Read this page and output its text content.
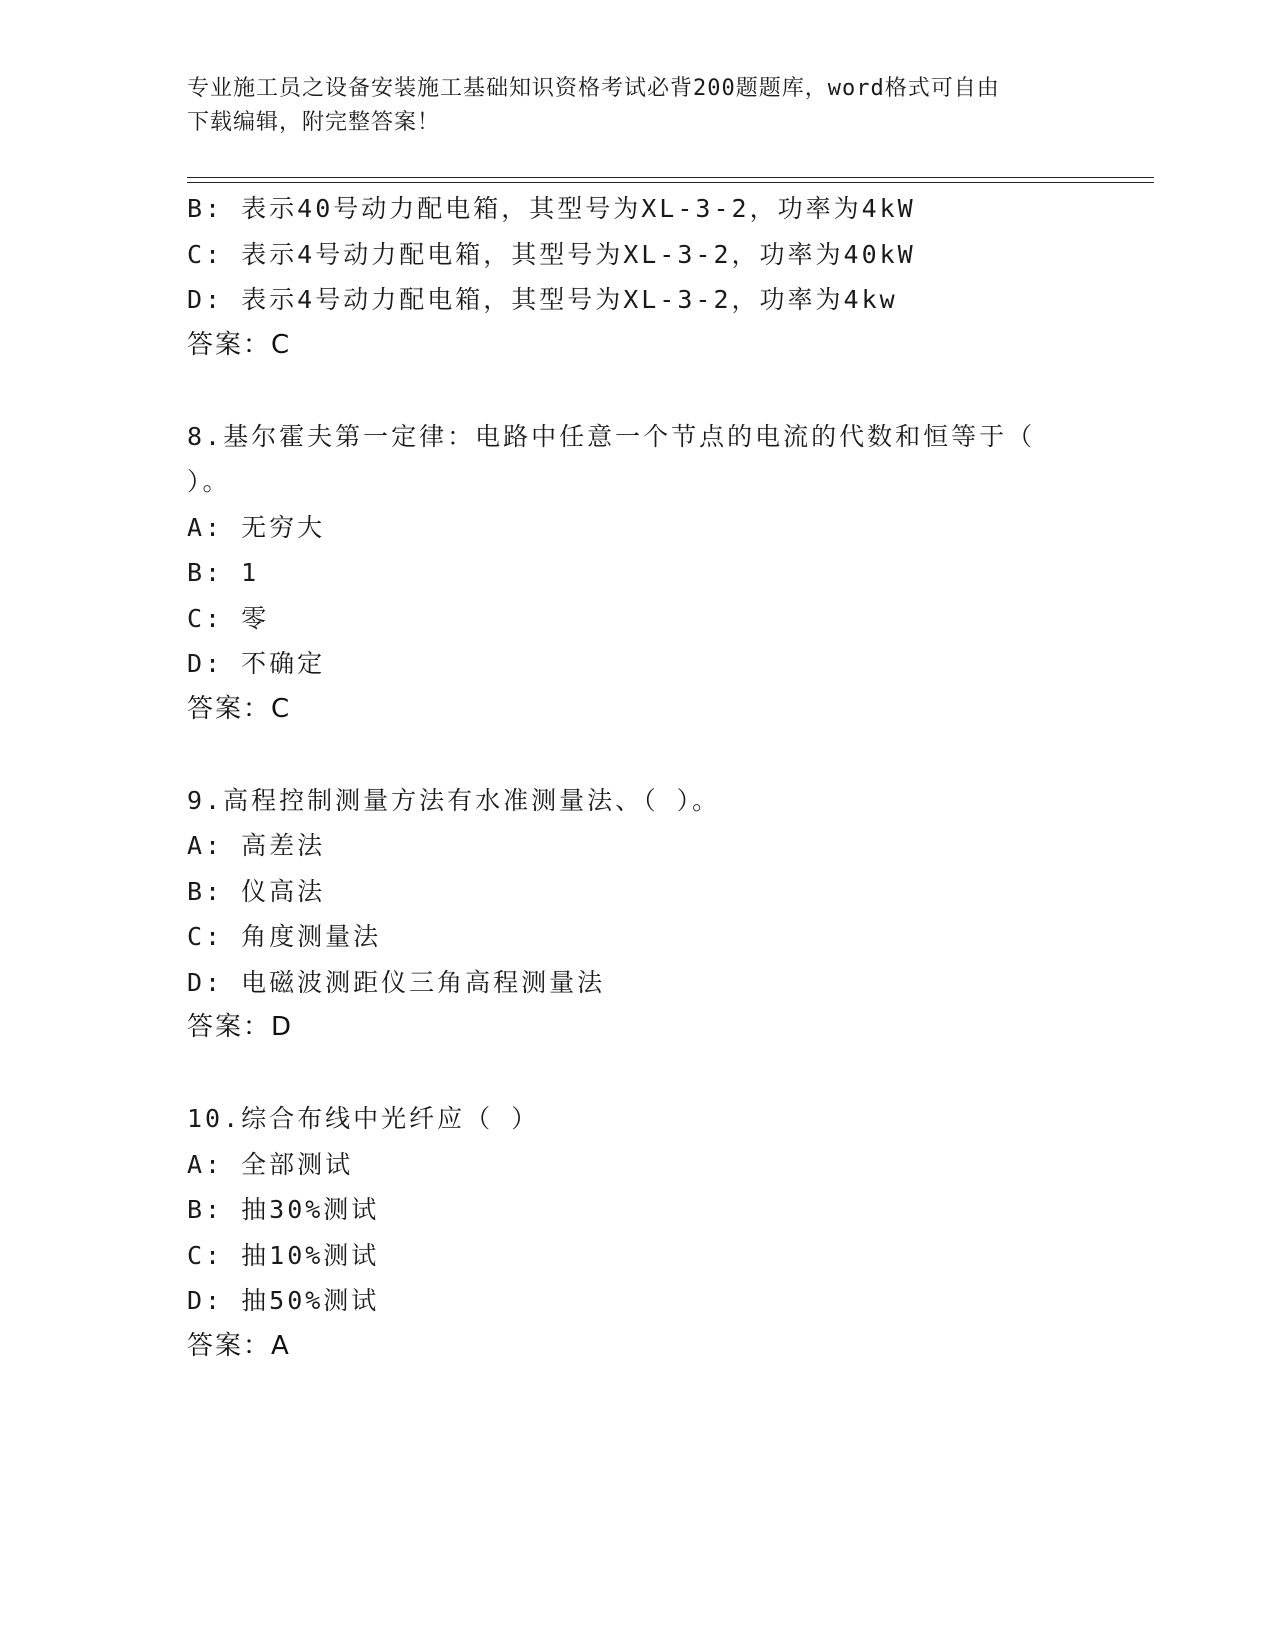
专业施工员之设备安装施工基础知识资格考试必背200题题库，word格式可自由
下载编辑，附完整答案！
B: 表示40号动力配电箱，其型号为XL-3-2，功率为4kW
C: 表示4号动力配电箱，其型号为XL-3-2，功率为40kW
D: 表示4号动力配电箱，其型号为XL-3-2，功率为4kw
答案：C
8.基尔霍夫第一定律：电路中任意一个节点的电流的代数和恒等于（
）。
A: 无穷大
B: 1
C: 零
D: 不确定
答案：C
9.高程控制测量方法有水准测量法、（ ）。
A: 高差法
B: 仪高法
C: 角度测量法
D: 电磁波测距仪三角高程测量法
答案：D
10.综合布线中光纤应（ ）
A: 全部测试
B: 抽30%测试
C: 抽10%测试
D: 抽50%测试
答案：A
